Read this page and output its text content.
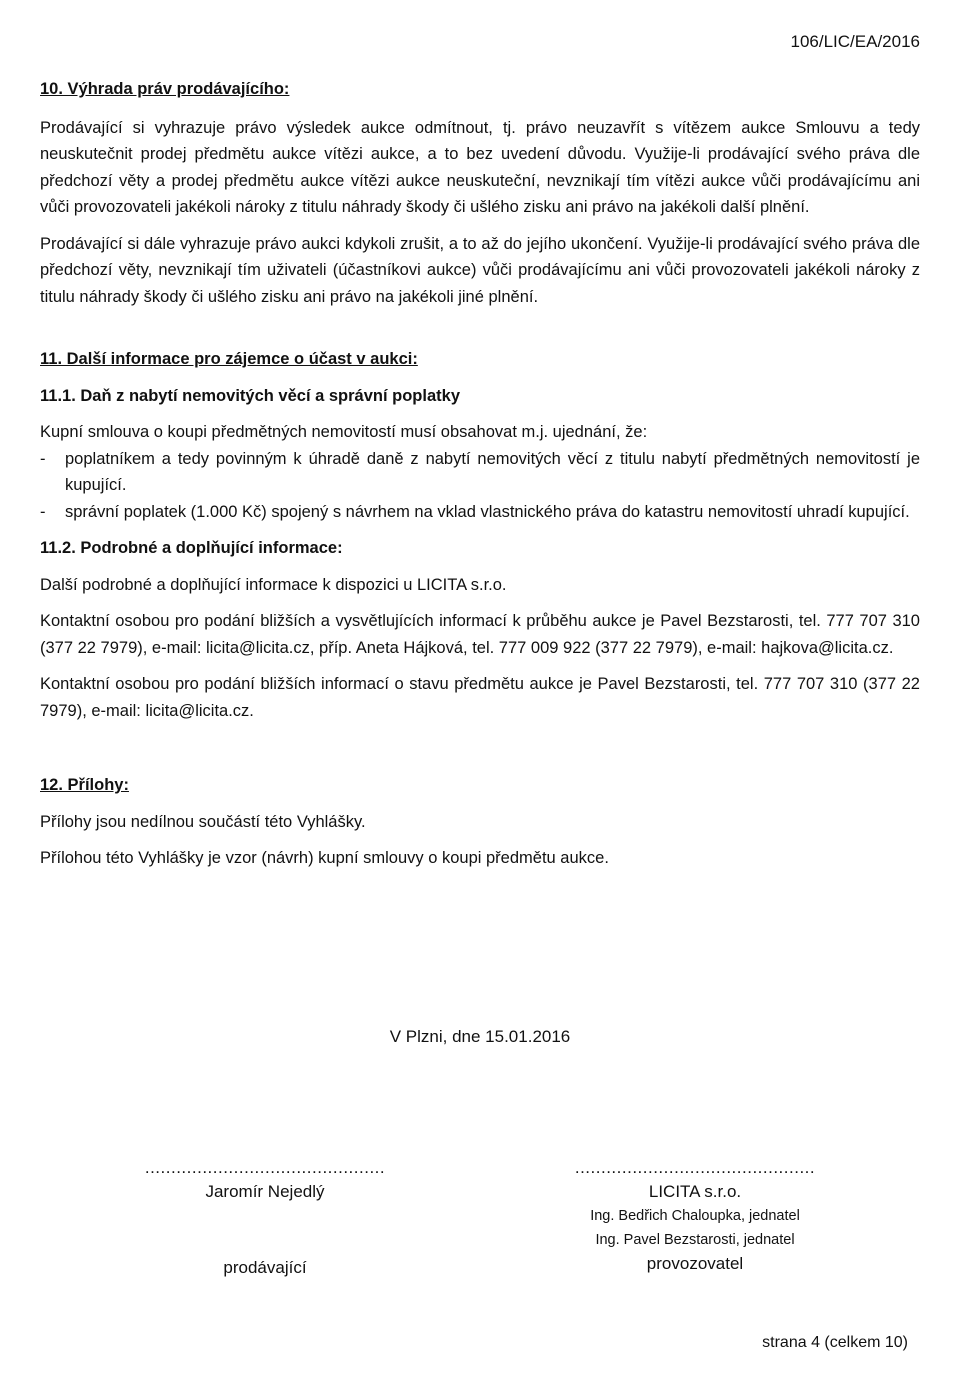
106/LIC/EA/2016
10. Výhrada práv prodávajícího:

Prodávající si vyhrazuje právo výsledek aukce odmítnout, tj. právo neuzavřít s vítězem aukce Smlouvu a tedy neuskutečnit prodej předmětu aukce vítězi aukce, a to bez uvedení důvodu. Využije-li prodávající svého práva dle předchozí věty a prodej předmětu aukce vítězi aukce neuskuteční, nevznikají tím vítězi aukce vůči prodávajícímu ani vůči provozovateli jakékoli nároky z titulu náhrady škody či ušlého zisku ani právo na jakékoli další plnění.

Prodávající si dále vyhrazuje právo aukci kdykoli zrušit, a to až do jejího ukončení. Využije-li prodávající svého práva dle předchozí věty, nevznikají tím uživateli (účastníkovi aukce) vůči prodávajícímu ani vůči provozovateli jakékoli nároky z titulu náhrady škody či ušlého zisku ani právo na jakékoli jiné plnění.

11. Další informace pro zájemce o účast v aukci:
11.1. Daň z nabytí nemovitých věcí a správní poplatky

Kupní smlouva o koupi předmětných nemovitostí musí obsahovat m.j. ujednání, že:

- poplatníkem a tedy povinným k úhradě daně z nabytí nemovitých věcí z titulu nabytí předmětných nemovitostí je kupující.
- správní poplatek (1.000 Kč) spojený s návrhem na vklad vlastnického práva do katastru nemovitostí uhradí kupující.
11.2. Podrobné a doplňující informace:

Další podrobné a doplňující informace k dispozici u LICITA s.r.o.

Kontaktní osobou pro podání bližších a vysvětlujících informací k průběhu aukce je Pavel Bezstarosti, tel. 777 707 310 (377 22 7979), e-mail: licita@licita.cz, příp. Aneta Hájková, tel. 777 009 922 (377 22 7979), e-mail: hajkova@licita.cz.

Kontaktní osobou pro podání bližších informací o stavu předmětu aukce je Pavel Bezstarosti, tel. 777 707 310 (377 22 7979), e-mail: licita@licita.cz.

12. Přílohy:

Přílohy jsou nedílnou součástí této Vyhlášky.

Přílohou této Vyhlášky je vzor (návrh) kupní smlouvy o koupi předmětu aukce.

V Plzni, dne 15.01.2016
..............................................
Jaromír Nejedlý
prodávající
..............................................
LICITA s.r.o.
Ing. Bedřich Chaloupka, jednatel
Ing. Pavel Bezstarosti, jednatel
provozovatel
strana 4 (celkem 10)
